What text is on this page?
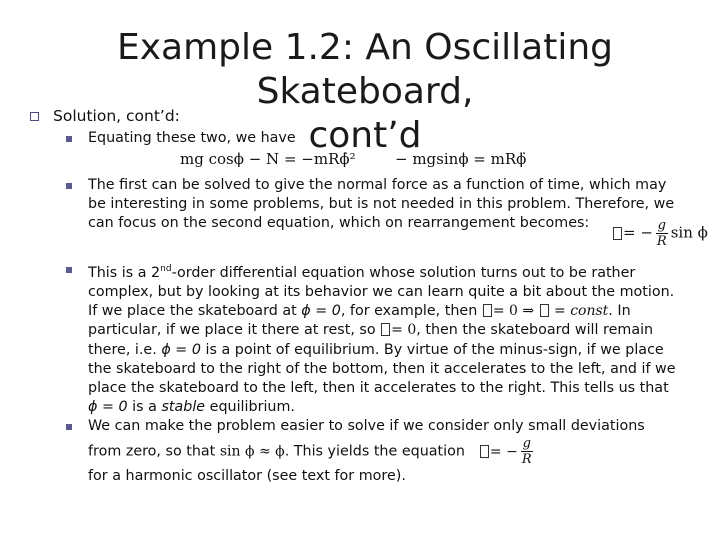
Example 1.2: An Oscillating Skateboard,
cont’d
Solution, cont’d:
Equating these two, we have
mg cosϕ − N = −mRϕ̇²	− mgsinϕ = mRϕ̈
The first can be solved to give the normal force as a function of time, which may be interesting in some problems, but is not needed in this problem. Therefore, we can focus on the second equation, which on rearrangement becomes:
= − $\frac{g}{R}$ sin ϕ
This is a 2nd-order differential equation whose solution turns out to be rather complex, but by looking at its behavior we can learn quite a bit about the motion. If we place the skateboard at ϕ = 0, for example, then = 0 ⇒  = const. In particular, if we place it there at rest, so = 0, then the skateboard will remain there, i.e. ϕ = 0 is a point of equilibrium. By virtue of the minus-sign, if we place the skateboard to the right of the bottom, then it accelerates to the left, and if we place the skateboard to the left, then it accelerates to the right. This tells us that ϕ = 0 is a stable equilibrium.
We can make the problem easier to solve if we consider only small deviations from zero, so that sin ϕ ≈ ϕ. This yields the equation = − $\frac{g}{R}$

for a harmonic oscillator (see text for more).
